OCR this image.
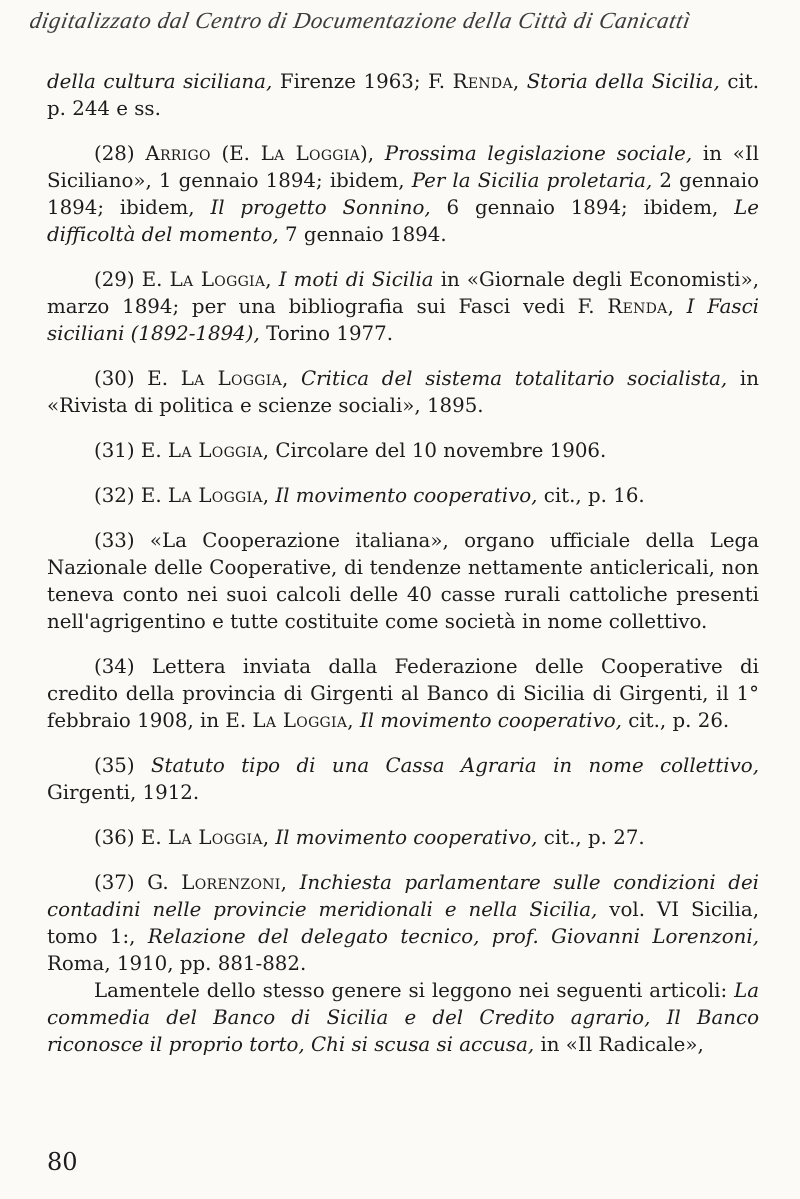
digitalizzato dal Centro di Documentazione della Città di Canicattì

della cultura siciliana, Firenze 1963; F. Renda, Storia della Sicilia, cit. p. 244 e ss.

(28) Arrigo (E. La Loggia), Prossima legislazione sociale, in «Il Siciliano», 1 gennaio 1894; ibidem, Per la Sicilia proletaria, 2 gennaio 1894; ibidem, Il progetto Sonnino, 6 gennaio 1894; ibidem, Le difficoltà del momento, 7 gennaio 1894.

(29) E. La Loggia, I moti di Sicilia in «Giornale degli Economisti», marzo 1894; per una bibliografia sui Fasci vedi F. Renda, I Fasci siciliani (1892-1894), Torino 1977.

(30) E. La Loggia, Critica del sistema totalitario socialista, in «Rivista di politica e scienze sociali», 1895.

(31) E. La Loggia, Circolare del 10 novembre 1906.

(32) E. La Loggia, Il movimento cooperativo, cit., p. 16.

(33) «La Cooperazione italiana», organo ufficiale della Lega Nazionale delle Cooperative, di tendenze nettamente anticlericali, non teneva conto nei suoi calcoli delle 40 casse rurali cattoliche presenti nell'agrigentino e tutte costituite come società in nome collettivo.

(34) Lettera inviata dalla Federazione delle Cooperative di credito della provincia di Girgenti al Banco di Sicilia di Girgenti, il 1° febbraio 1908, in E. La Loggia, Il movimento cooperativo, cit., p. 26.

(35) Statuto tipo di una Cassa Agraria in nome collettivo, Girgenti, 1912.

(36) E. La Loggia, Il movimento cooperativo, cit., p. 27.

(37) G. Lorenzoni, Inchiesta parlamentare sulle condizioni dei contadini nelle provincie meridionali e nella Sicilia, vol. VI Sicilia, tomo 1:, Relazione del delegato tecnico, prof. Giovanni Lorenzoni, Roma, 1910, pp. 881-882.

Lamentele dello stesso genere si leggono nei seguenti articoli: La commedia del Banco di Sicilia e del Credito agrario, Il Banco riconosce il proprio torto, Chi si scusa si accusa, in «Il Radicale»,

80
